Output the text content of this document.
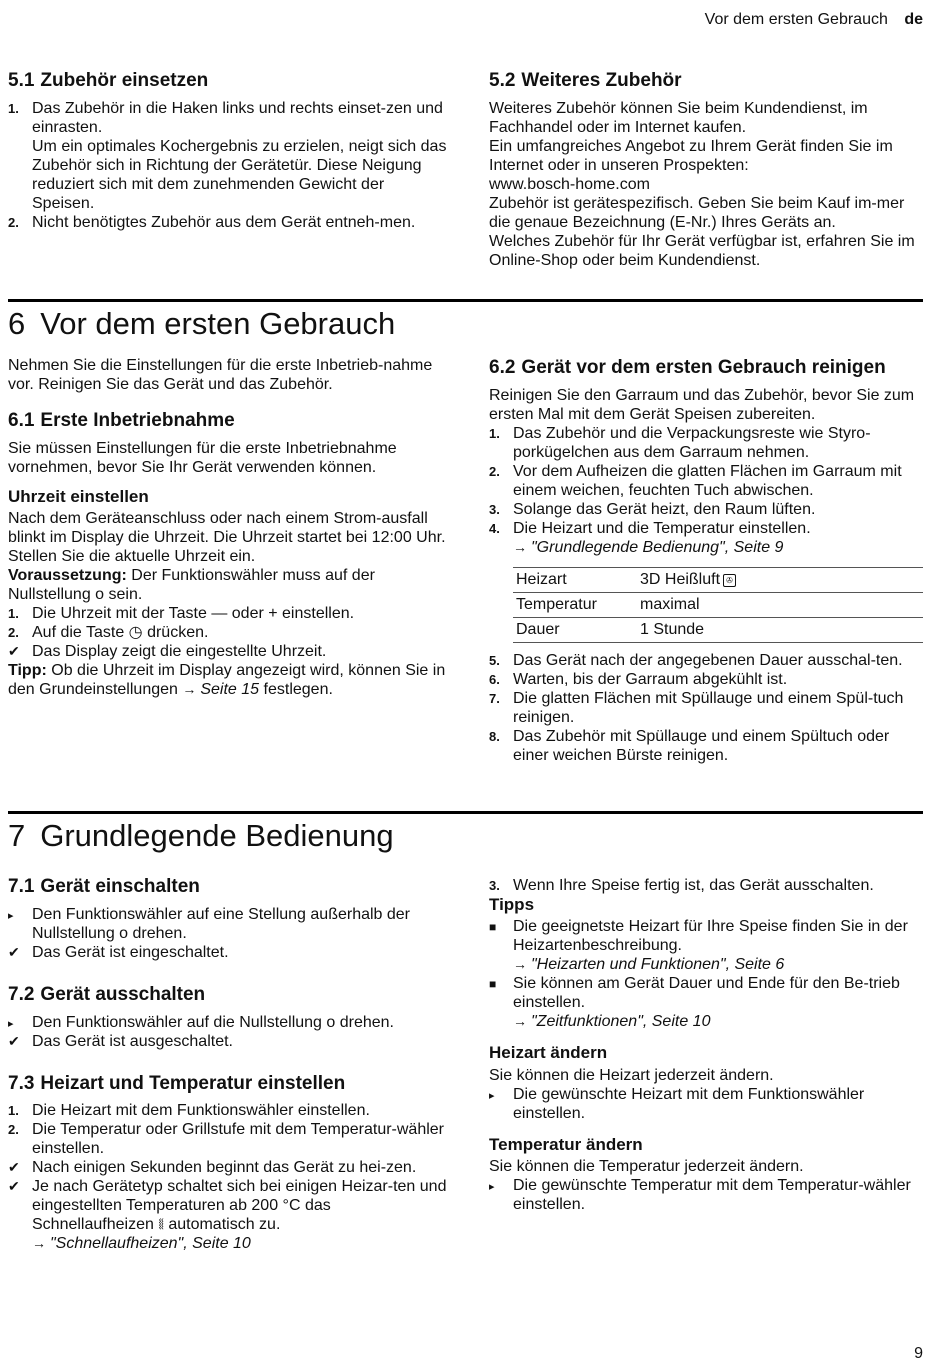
Vor dem ersten Gebrauch de
5.1 Zubehör einsetzen
1. Das Zubehör in die Haken links und rechts einset-zen und einrasten.
Um ein optimales Kochergebnis zu erzielen, neigt sich das Zubehör sich in Richtung der Gerätetür. Diese Neigung reduziert sich mit dem zunehmenden Gewicht der Speisen.
2. Nicht benötigtes Zubehör aus dem Gerät entneh-men.
5.2 Weiteres Zubehör

Weiteres Zubehör können Sie beim Kundendienst, im Fachhandel oder im Internet kaufen.

Ein umfangreiches Angebot zu Ihrem Gerät finden Sie im Internet oder in unseren Prospekten:

www.bosch-home.com

Zubehör ist gerätespezifisch. Geben Sie beim Kauf im-mer die genaue Bezeichnung (E-Nr.) Ihres Geräts an.

Welches Zubehör für Ihr Gerät verfügbar ist, erfahren Sie im Online-Shop oder beim Kundendienst.

6 Vor dem ersten Gebrauch

Nehmen Sie die Einstellungen für die erste Inbetrieb-nahme vor. Reinigen Sie das Gerät und das Zubehör.

6.1 Erste Inbetriebnahme

Sie müssen Einstellungen für die erste Inbetriebnahme vornehmen, bevor Sie Ihr Gerät verwenden können.

Uhrzeit einstellen

Nach dem Geräteanschluss oder nach einem Strom-ausfall blinkt im Display die Uhrzeit. Die Uhrzeit startet bei 12:00 Uhr. Stellen Sie die aktuelle Uhrzeit ein.

Voraussetzung: Der Funktionswähler muss auf der Nullstellung o sein.

1. Die Uhrzeit mit der Taste — oder + einstellen.
2. Auf die Taste ◷ drücken.
✔ Das Display zeigt die eingestellte Uhrzeit.

Tipp: Ob die Uhrzeit im Display angezeigt wird, können Sie in den Grundeinstellungen → Seite 15 festlegen.

6.2 Gerät vor dem ersten Gebrauch reinigen

Reinigen Sie den Garraum und das Zubehör, bevor Sie zum ersten Mal mit dem Gerät Speisen zubereiten.

1. Das Zubehör und die Verpackungsreste wie Styro-porkügelchen aus dem Garraum nehmen.
2. Vor dem Aufheizen die glatten Flächen im Garraum mit einem weichen, feuchten Tuch abwischen.
3. Solange das Gerät heizt, den Raum lüften.
4. Die Heizart und die Temperatur einstellen.
→ "Grundlegende Bedienung", Seite 9
Heizart	3D Heißluft ✇
Temperatur	maximal
Dauer	1 Stunde
5. Das Gerät nach der angegebenen Dauer ausschal-ten.
6. Warten, bis der Garraum abgekühlt ist.
7. Die glatten Flächen mit Spüllauge und einem Spül-tuch reinigen.
8. Das Zubehör mit Spüllauge und einem Spültuch oder einer weichen Bürste reinigen.
7 Grundlegende Bedienung
7.1 Gerät einschalten
▸	Den Funktionswähler auf eine Stellung außerhalb der Nullstellung o drehen.
✔ Das Gerät ist eingeschaltet.
7.2 Gerät ausschalten
▸	Den Funktionswähler auf die Nullstellung o drehen.
✔ Das Gerät ist ausgeschaltet.
7.3 Heizart und Temperatur einstellen
1. Die Heizart mit dem Funktionswähler einstellen.
2. Die Temperatur oder Grillstufe mit dem Temperatur-wähler einstellen.
✔ Nach einigen Sekunden beginnt das Gerät zu hei-zen.
✔ Je nach Gerätetyp schaltet sich bei einigen Heizar-ten und eingestellten Temperaturen ab 200 °C das Schnellaufheizen ⧛ automatisch zu.
→ "Schnellaufheizen", Seite 10
3. Wenn Ihre Speise fertig ist, das Gerät ausschalten.
Tipps
■	Die geeignetste Heizart für Ihre Speise finden Sie in der Heizartenbeschreibung.
→ "Heizarten und Funktionen", Seite 6
■	Sie können am Gerät Dauer und Ende für den Be-trieb einstellen.
→ "Zeitfunktionen", Seite 10
Heizart ändern

Sie können die Heizart jederzeit ändern.

▸	Die gewünschte Heizart mit dem Funktionswähler einstellen.
Temperatur ändern

Sie können die Temperatur jederzeit ändern.

▸	Die gewünschte Temperatur mit dem Temperatur-wähler einstellen.
9
